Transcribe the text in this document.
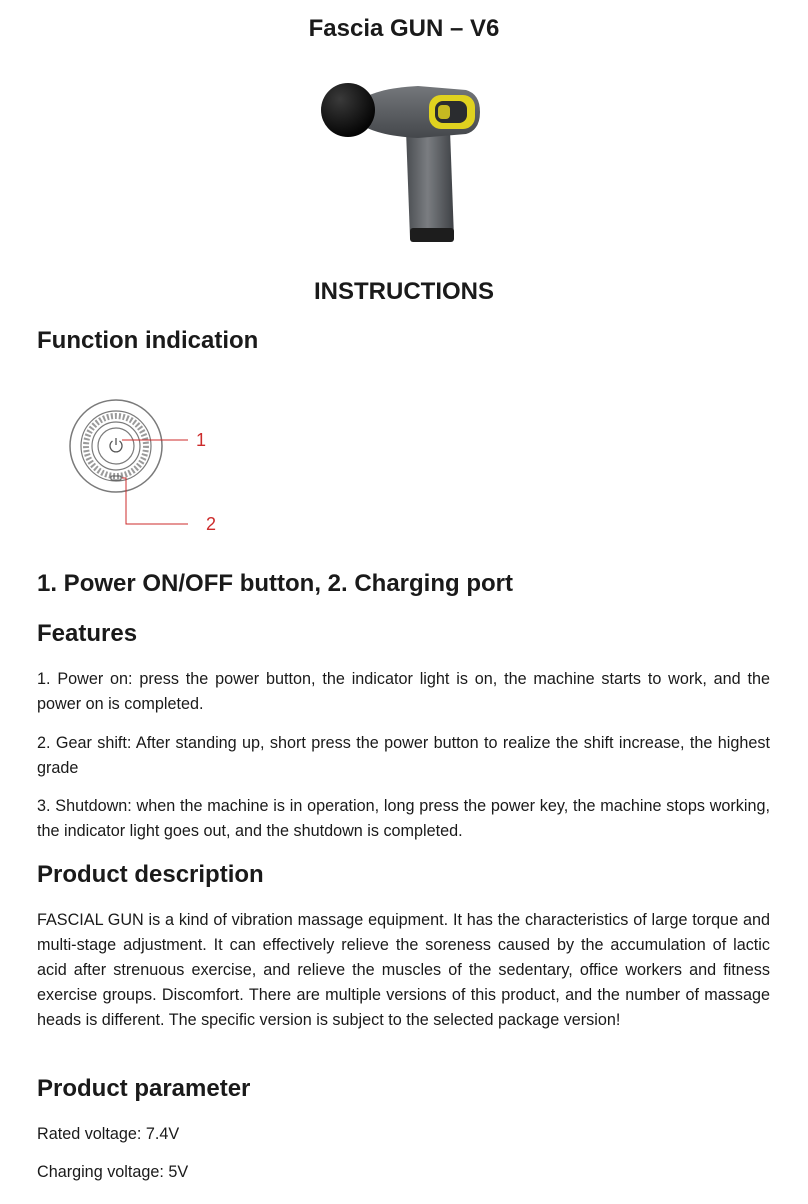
Fascia GUN – V6
INSTRUCTIONS
Function indication
1
2
1. Power ON/OFF button, 2. Charging port
Features

1. Power on: press the power button, the indicator light is on, the machine starts to work, and the power on is completed.

2. Gear shift: After standing up, short press the power button to realize the shift increase, the highest grade

3. Shutdown: when the machine is in operation, long press the power key, the machine stops working, the indicator light goes out, and the shutdown is completed.

Product description

FASCIAL GUN is a kind of vibration massage equipment. It has the characteristics of large torque and multi-stage adjustment. It can effectively relieve the soreness caused by the accumulation of lactic acid after strenuous exercise, and relieve the muscles of the sedentary, office workers and fitness exercise groups. Discomfort. There are multiple versions of this product, and the number of massage heads is different. The specific version is subject to the selected package version!

Product parameter

Rated voltage: 7.4V

Charging voltage: 5V
